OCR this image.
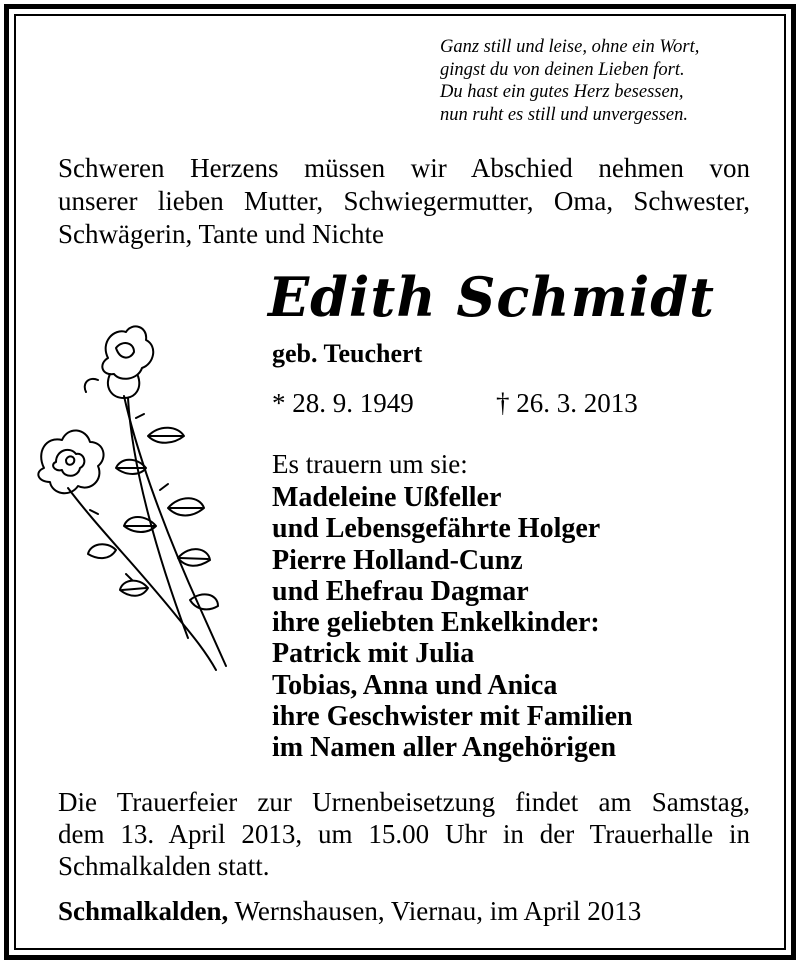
Ganz still und leise, ohne ein Wort,
gingst du von deinen Lieben fort.
Du hast ein gutes Herz besessen,
nun ruht es still und unvergessen.
Schweren Herzens müssen wir Abschied nehmen von
unserer lieben Mutter, Schwiegermutter, Oma, Schwester,
Schwägerin, Tante und Nichte
Edith Schmidt
geb. Teuchert
* 28. 9. 1949	† 26. 3. 2013
Es trauern um sie:
Madeleine Ußfeller
und Lebensgefährte Holger
Pierre Holland-Cunz
und Ehefrau Dagmar
ihre geliebten Enkelkinder:
Patrick mit Julia
Tobias, Anna und Anica
ihre Geschwister mit Familien
im Namen aller Angehörigen
Die Trauerfeier zur Urnenbeisetzung findet am Samstag,
dem 13. April 2013, um 15.00 Uhr in der Trauerhalle in
Schmalkalden statt.
Schmalkalden, Wernshausen, Viernau, im April 2013
